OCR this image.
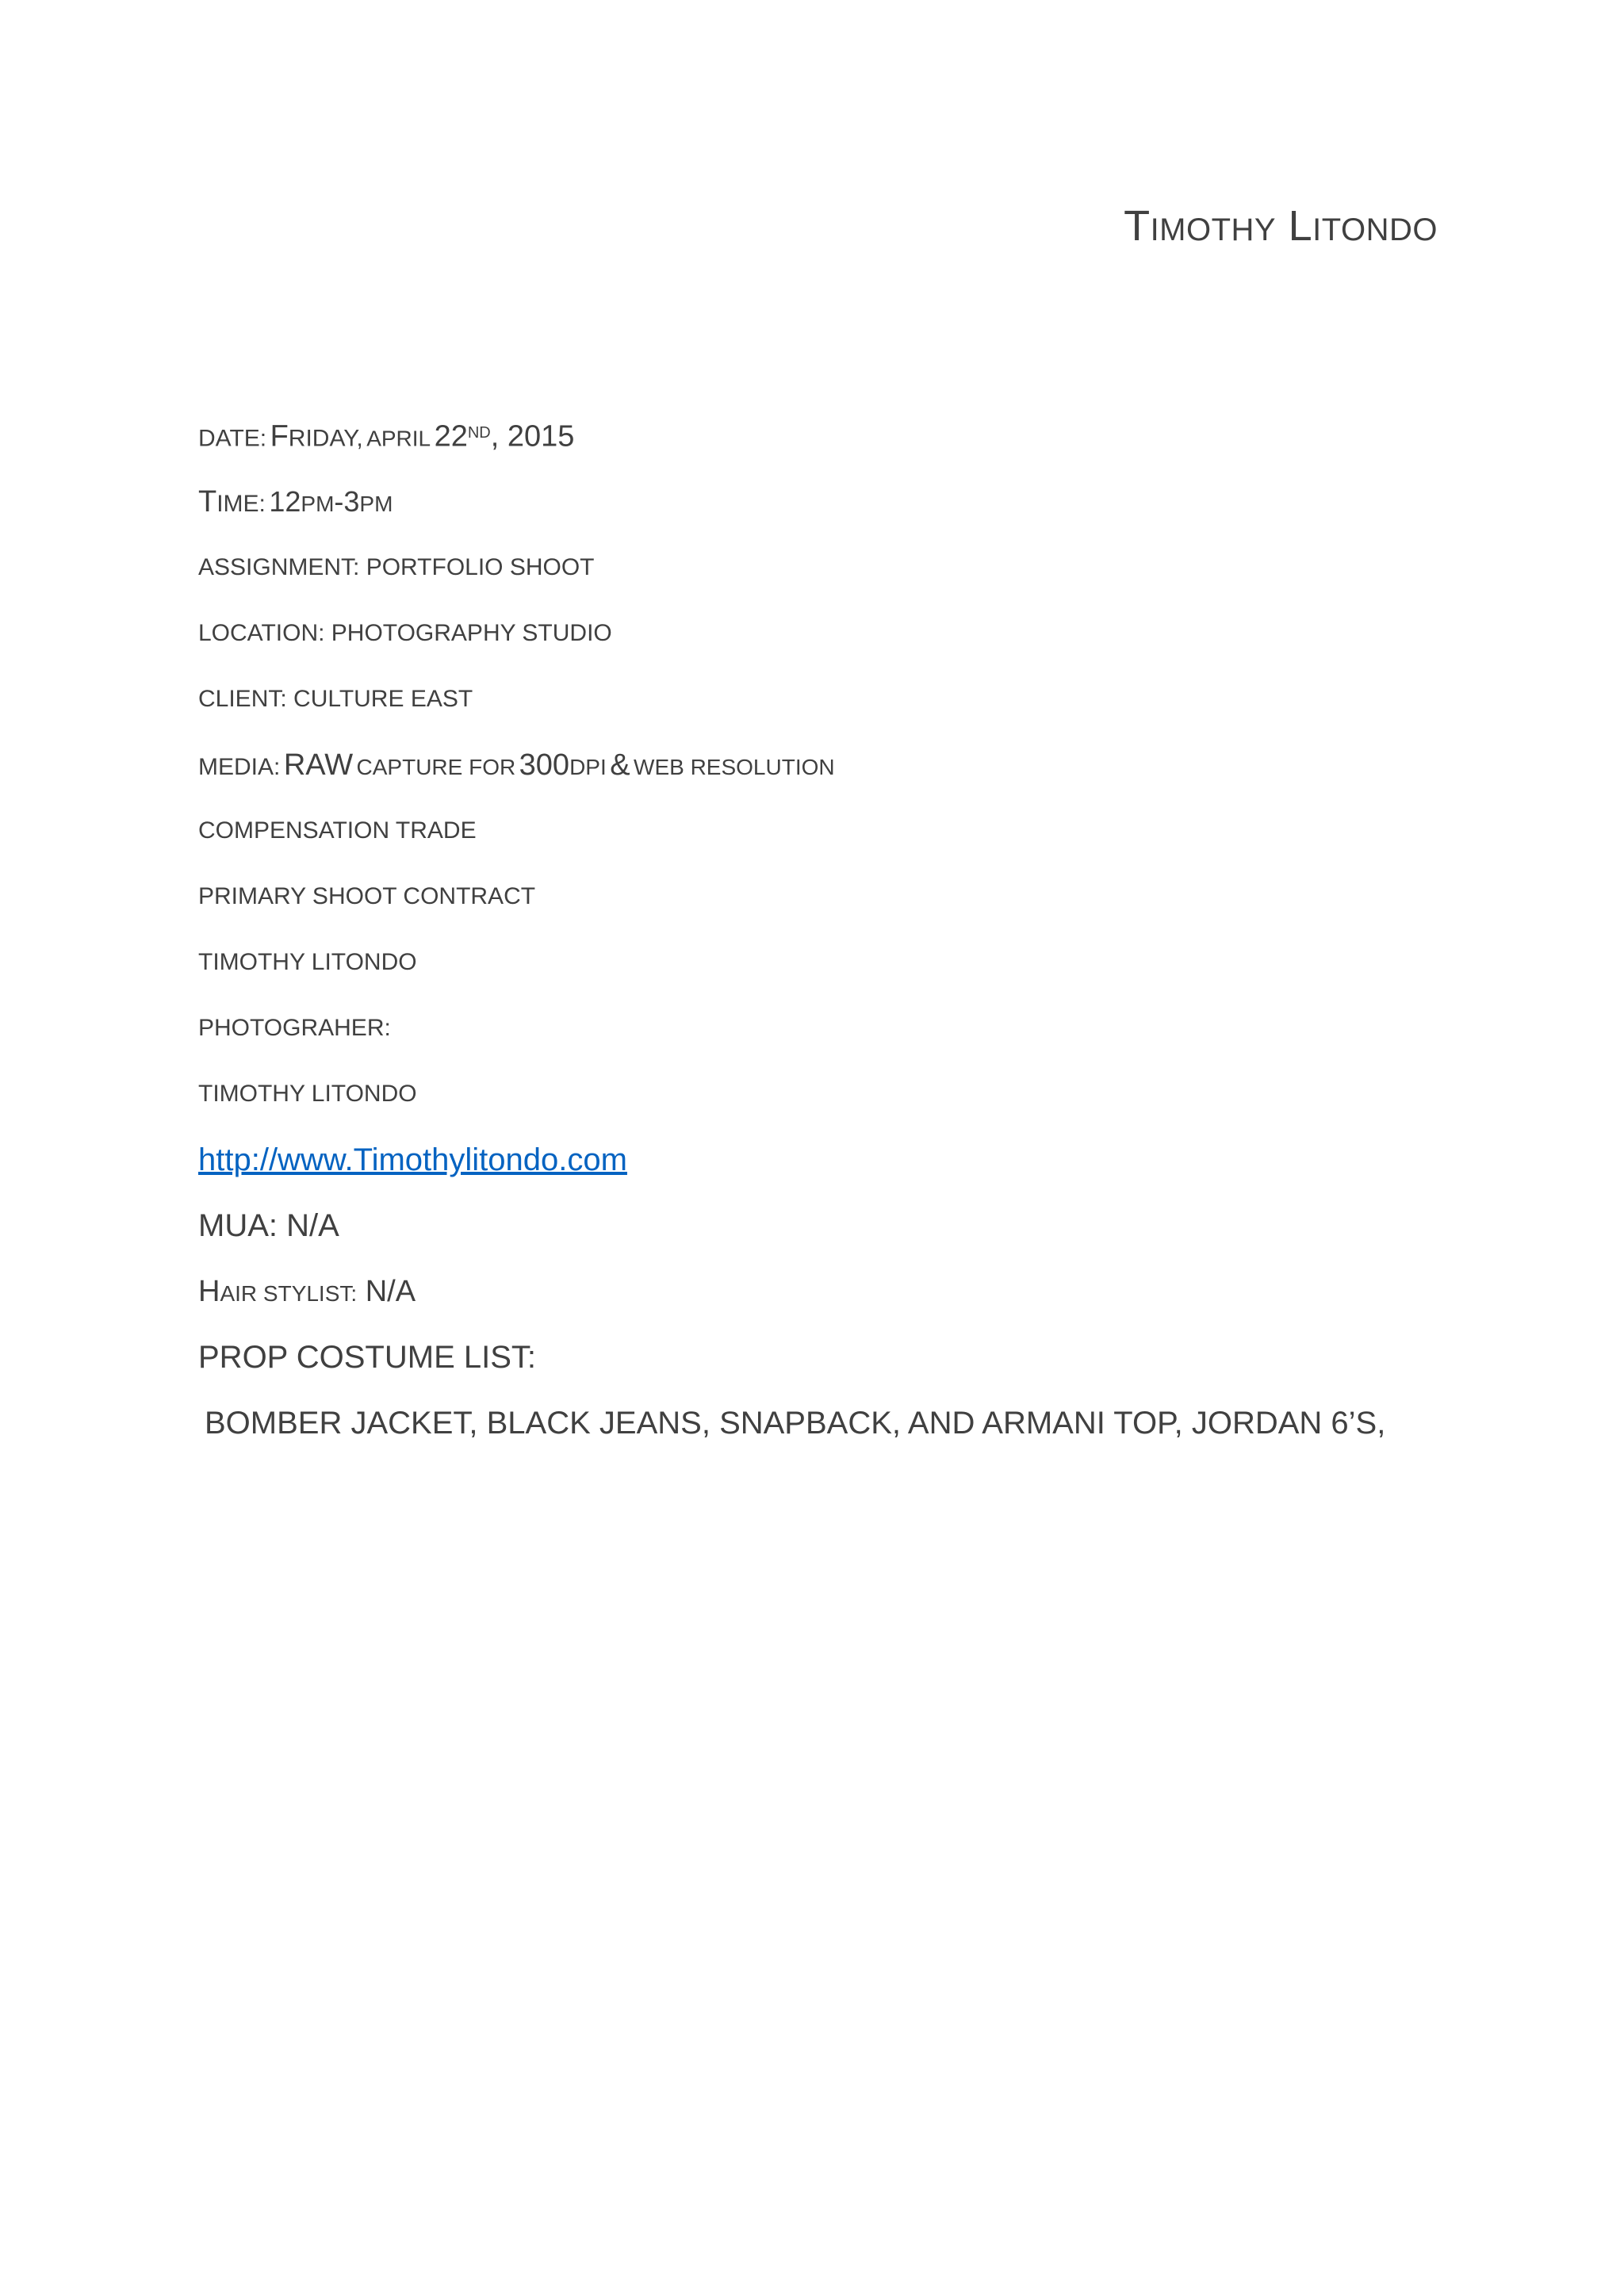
TIMOTHY LITONDO
DATE: FRIDAY, APRIL 22ND, 2015
TIME: 12PM-3PM
ASSIGNMENT: PORTFOLIO SHOOT
LOCATION: PHOTOGRAPHY STUDIO
CLIENT: CULTURE EAST
MEDIA: RAW CAPTURE FOR 300DPI & WEB RESOLUTION
COMPENSATION TRADE
PRIMARY SHOOT CONTRACT
TIMOTHY LITONDO
PHOTOGRAHER:
TIMOTHY LITONDO
http://www.Timothylitondo.com
MUA: N/A
HAIR STYLIST: N/A
PROP COSTUME LIST:
BOMBER JACKET, BLACK JEANS, SNAPBACK, AND ARMANI TOP, JORDAN 6’S,
